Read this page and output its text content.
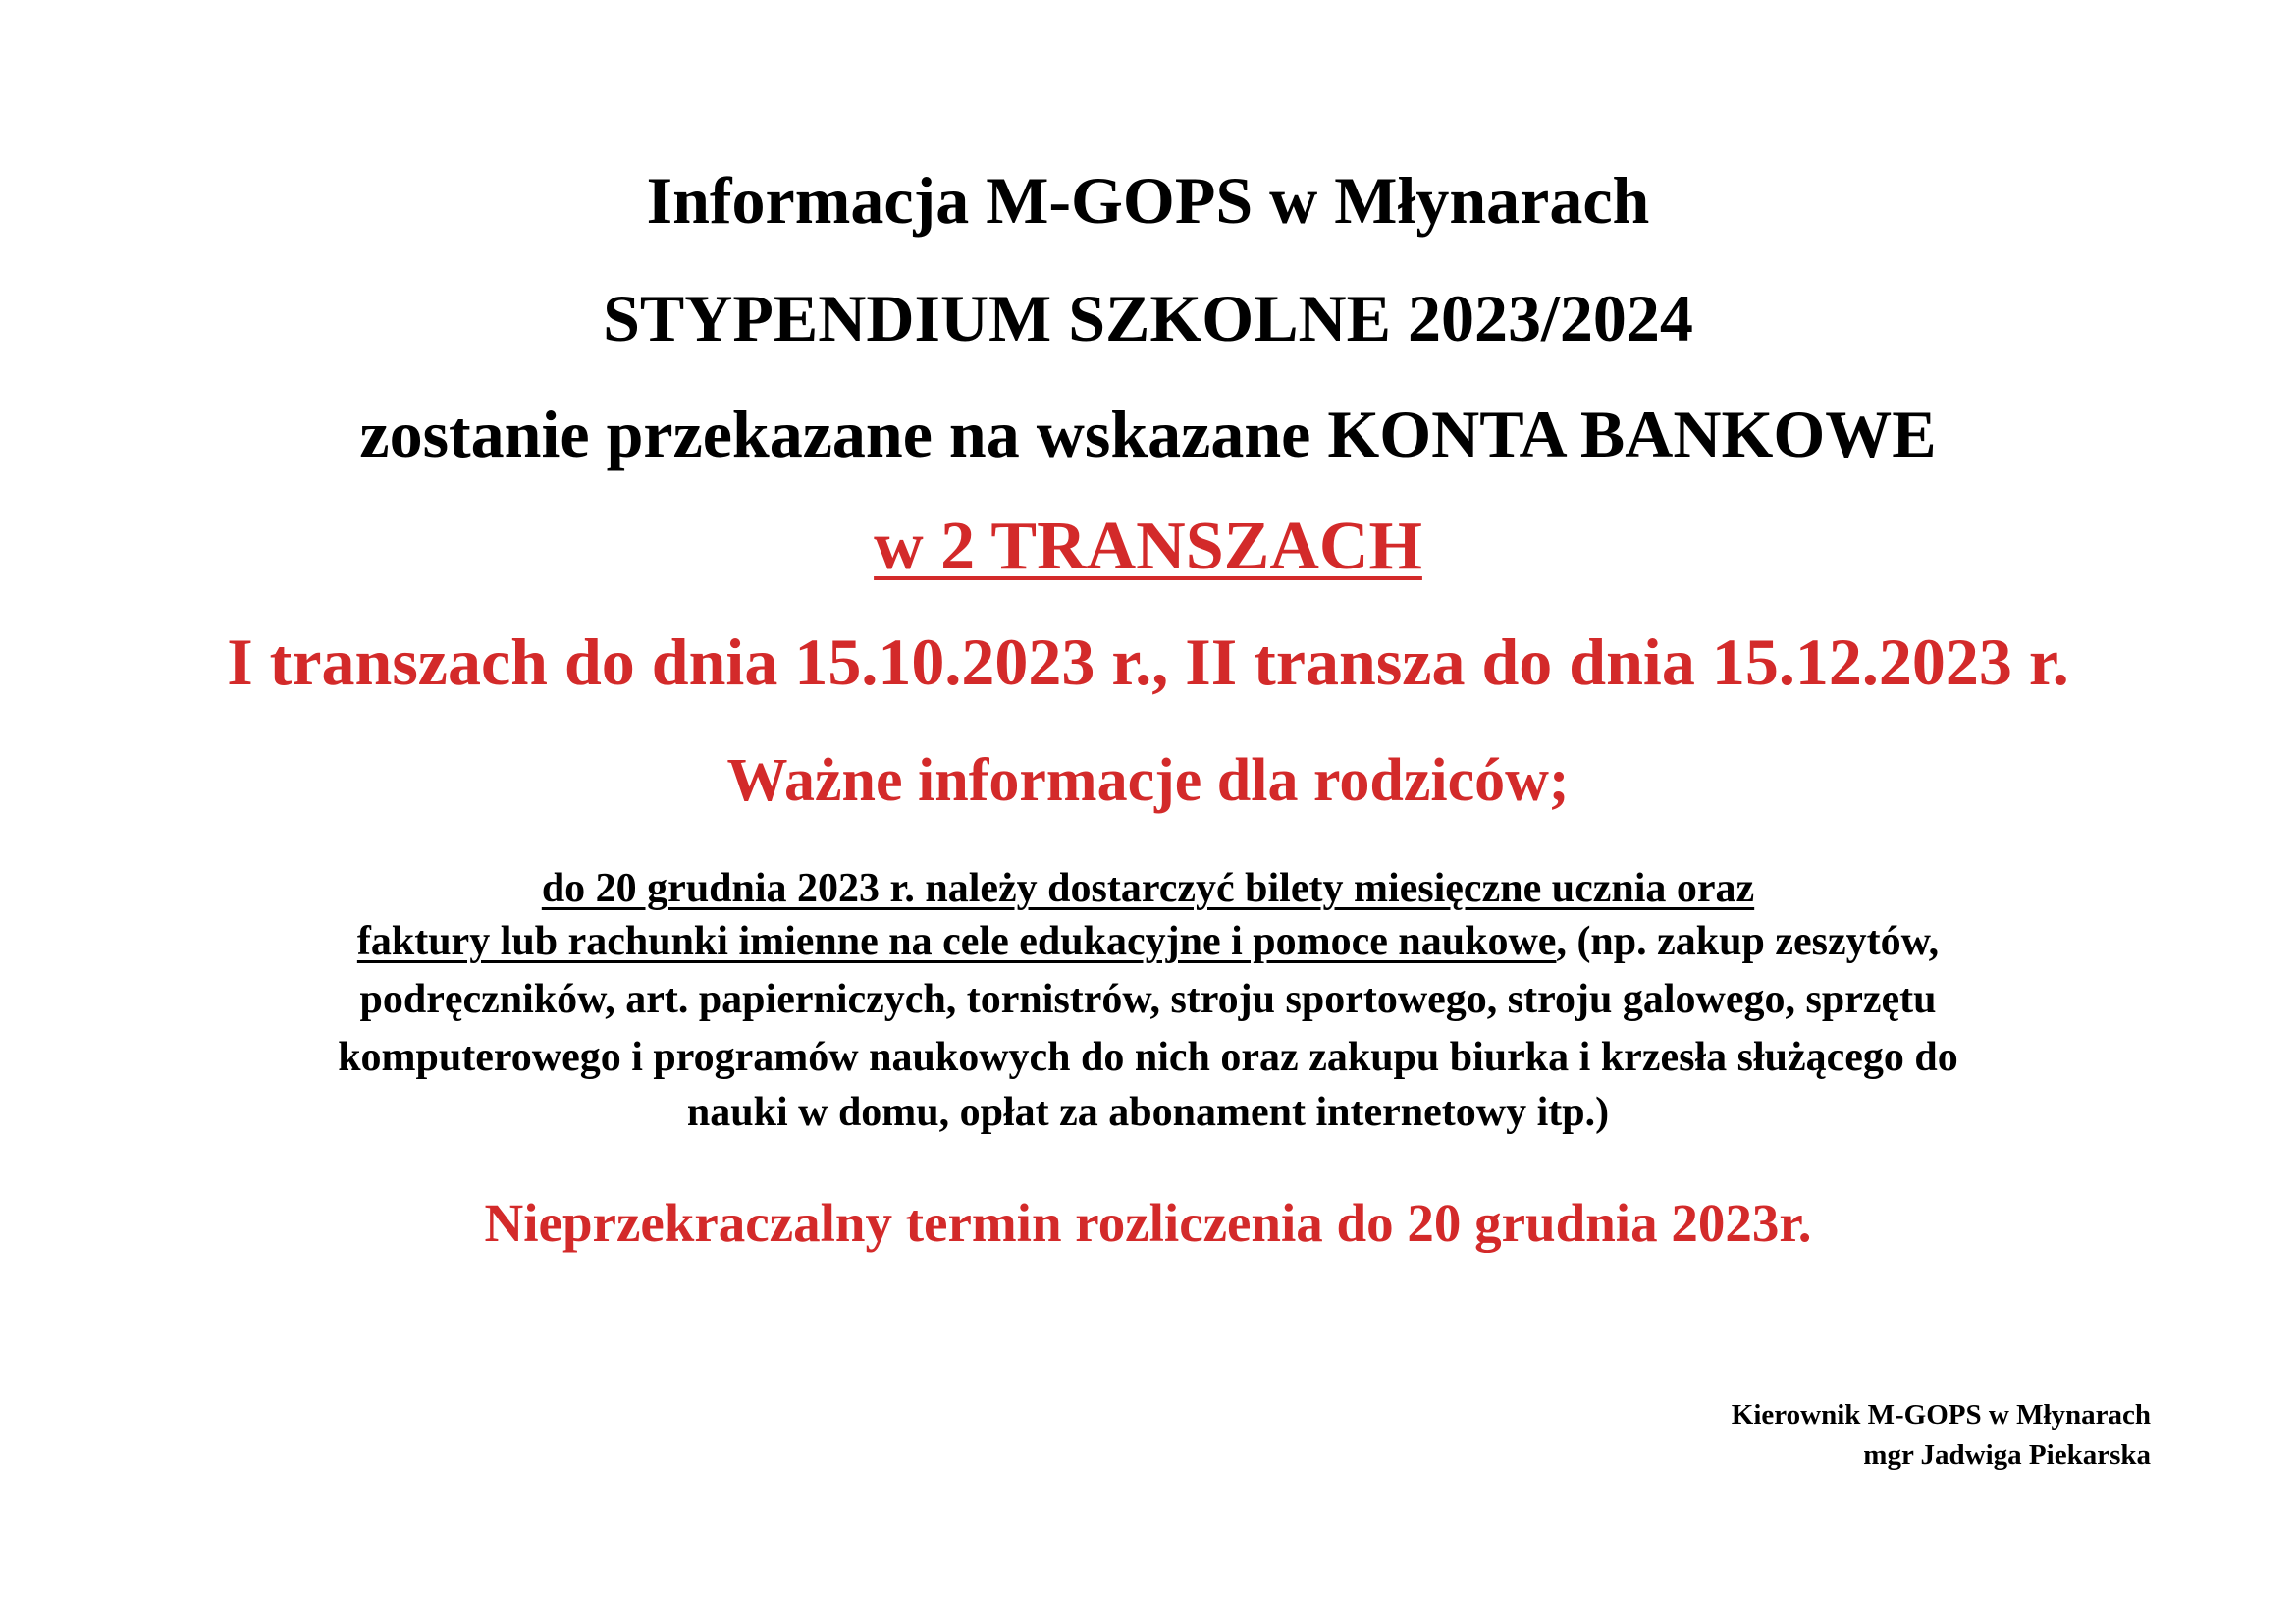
Informacja M-GOPS w Młynarach
STYPENDIUM SZKOLNE 2023/2024
zostanie przekazane na wskazane KONTA BANKOWE
w 2 TRANSZACH
I transzach do dnia 15.10.2023 r., II transza do dnia 15.12.2023 r.
Ważne informacje dla rodziców;
do 20 grudnia 2023 r. należy dostarczyć bilety miesięczne ucznia oraz
faktury lub rachunki imienne na cele edukacyjne i pomoce naukowe, (np. zakup zeszytów,
podręczników, art. papierniczych, tornistrów, stroju sportowego, stroju galowego, sprzętu
komputerowego i programów naukowych do nich oraz zakupu biurka i krzesła służącego do
nauki w domu, opłat za abonament internetowy itp.)
Nieprzekraczalny termin rozliczenia do 20 grudnia 2023r.
Kierownik M-GOPS w Młynarach
mgr Jadwiga Piekarska
